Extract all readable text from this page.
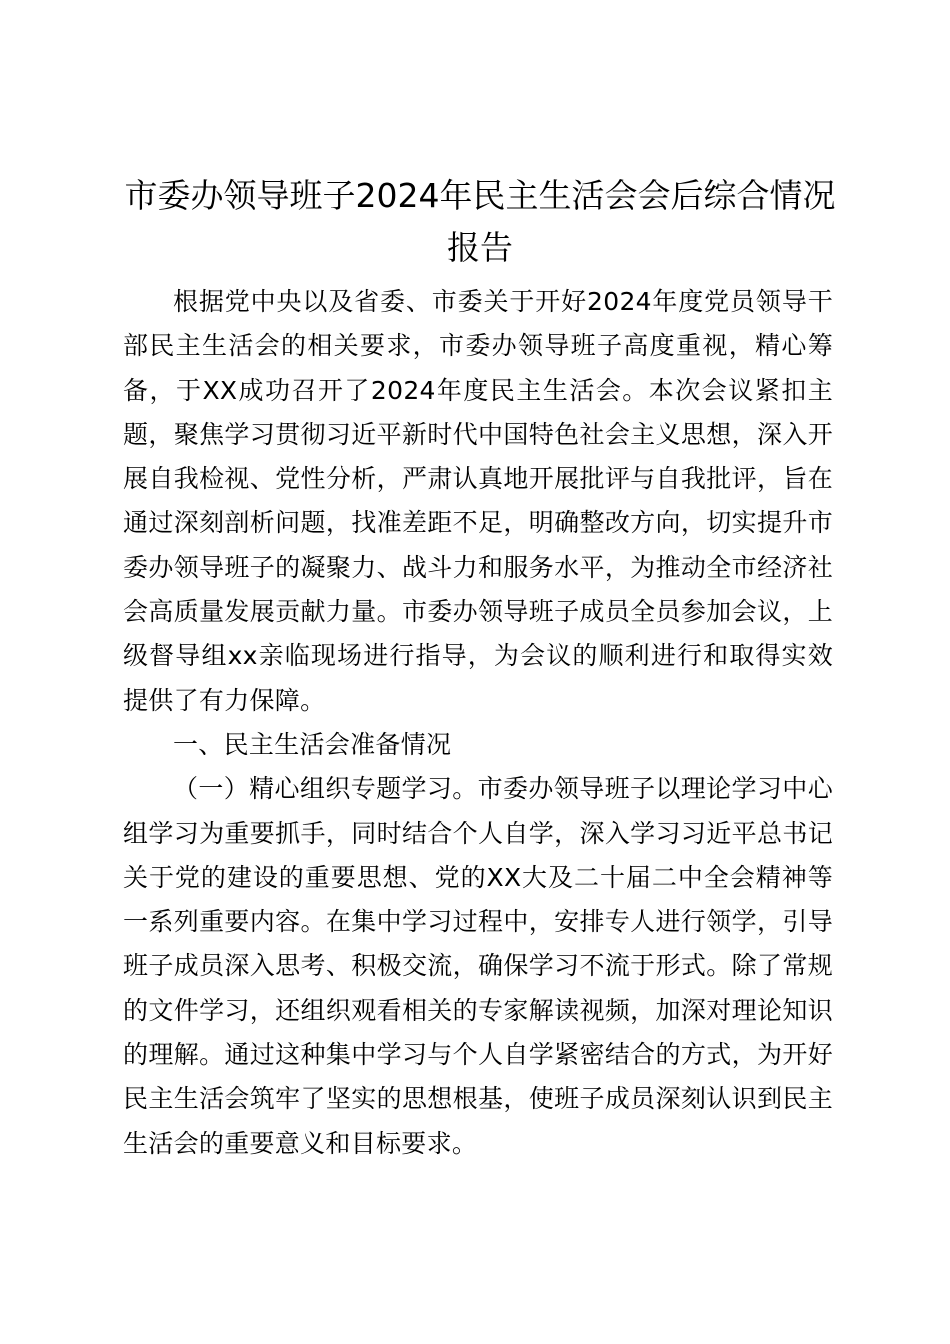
市委办领导班子2024年民主生活会会后综合情况报告

根据党中央以及省委、市委关于开好2024年度党员领导干部民主生活会的相关要求，市委办领导班子高度重视，精心筹备，于XX成功召开了2024年度民主生活会。本次会议紧扣主题，聚焦学习贯彻习近平新时代中国特色社会主义思想，深入开展自我检视、党性分析，严肃认真地开展批评与自我批评，旨在通过深刻剖析问题，找准差距不足，明确整改方向，切实提升市委办领导班子的凝聚力、战斗力和服务水平，为推动全市经济社会高质量发展贡献力量。市委办领导班子成员全员参加会议，上级督导组xx亲临现场进行指导，为会议的顺利进行和取得实效提供了有力保障。

一、民主生活会准备情况

（一）精心组织专题学习。市委办领导班子以理论学习中心组学习为重要抓手，同时结合个人自学，深入学习习近平总书记关于党的建设的重要思想、党的XX大及二十届二中全会精神等一系列重要内容。在集中学习过程中，安排专人进行领学，引导班子成员深入思考、积极交流，确保学习不流于形式。除了常规的文件学习，还组织观看相关的专家解读视频，加深对理论知识的理解。通过这种集中学习与个人自学紧密结合的方式，为开好民主生活会筑牢了坚实的思想根基，使班子成员深刻认识到民主生活会的重要意义和目标要求。
